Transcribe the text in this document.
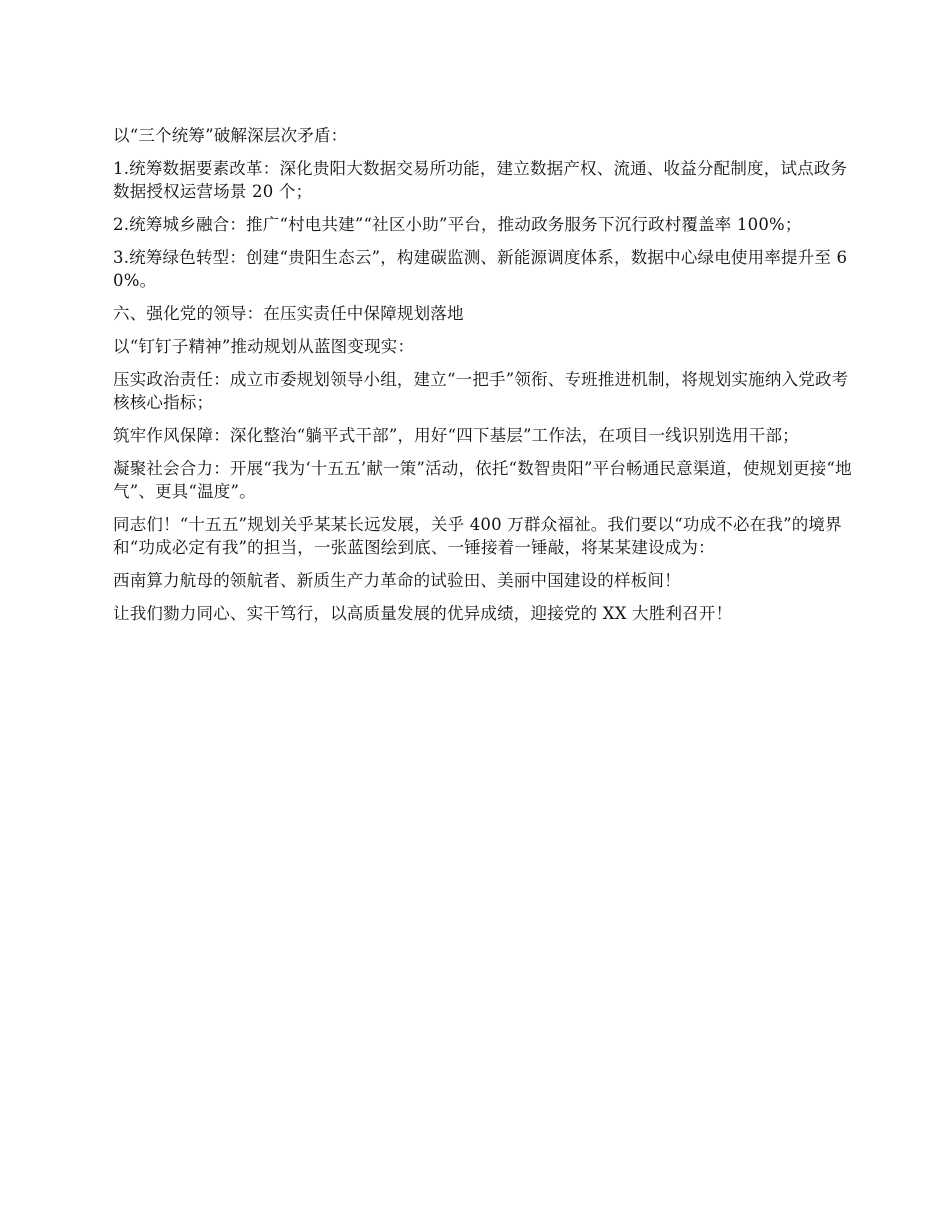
以“三个统筹”破解深层次矛盾：

1.统筹数据要素改革：深化贵阳大数据交易所功能，建立数据产权、流通、收益分配制度，试点政务数据授权运营场景 20 个；

2.统筹城乡融合：推广“村电共建”“社区小助”平台，推动政务服务下沉行政村覆盖率 100%；

3.统筹绿色转型：创建“贵阳生态云”，构建碳监测、新能源调度体系，数据中心绿电使用率提升至 60%。

六、强化党的领导：在压实责任中保障规划落地

以“钉钉子精神”推动规划从蓝图变现实：

压实政治责任：成立市委规划领导小组，建立“一把手”领衔、专班推进机制，将规划实施纳入党政考核核心指标；

筑牢作风保障：深化整治“躺平式干部”，用好“四下基层”工作法，在项目一线识别选用干部；

凝聚社会合力：开展“我为‘十五五’献一策”活动，依托“数智贵阳”平台畅通民意渠道，使规划更接“地气”、更具“温度”。

同志们！“十五五”规划关乎某某长远发展，关乎 400 万群众福祉。我们要以“功成不必在我”的境界和“功成必定有我”的担当，一张蓝图绘到底、一锤接着一锤敲，将某某建设成为：

西南算力航母的领航者、新质生产力革命的试验田、美丽中国建设的样板间！

让我们勠力同心、实干笃行，以高质量发展的优异成绩，迎接党的 XX 大胜利召开！
